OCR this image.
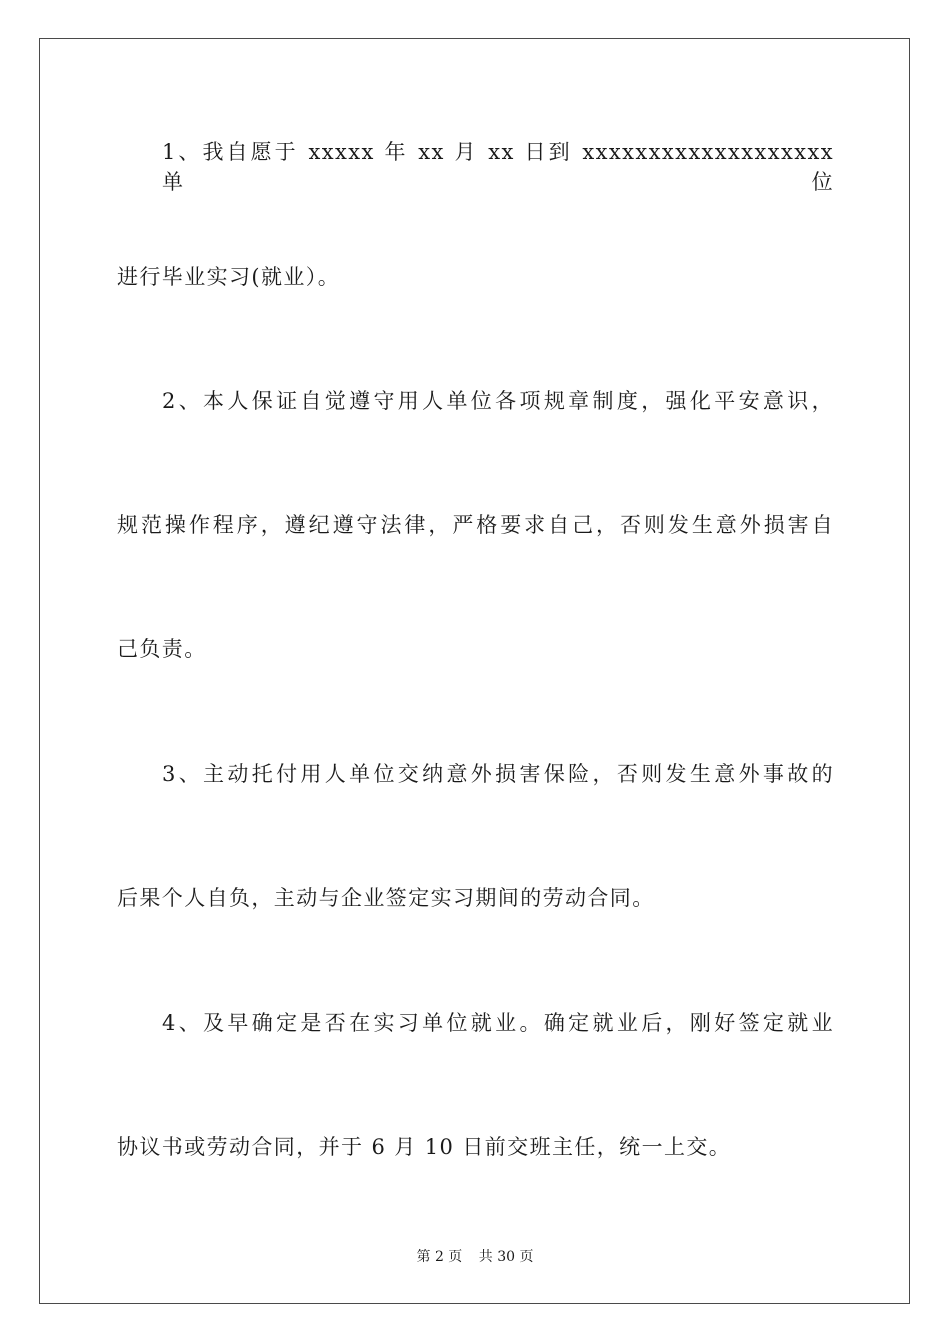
1、我自愿于 xxxxx 年 xx 月 xx 日到 xxxxxxxxxxxxxxxxxxx 单位
进行毕业实习(就业）。
2、本人保证自觉遵守用人单位各项规章制度，强化平安意识，
规范操作程序，遵纪遵守法律，严格要求自己，否则发生意外损害自
己负责。
3、主动托付用人单位交纳意外损害保险，否则发生意外事故的
后果个人自负，主动与企业签定实习期间的劳动合同。
4、及早确定是否在实习单位就业。确定就业后，刚好签定就业
协议书或劳动合同，并于 6 月 10 日前交班主任，统一上交。
第 2 页 共 30 页
